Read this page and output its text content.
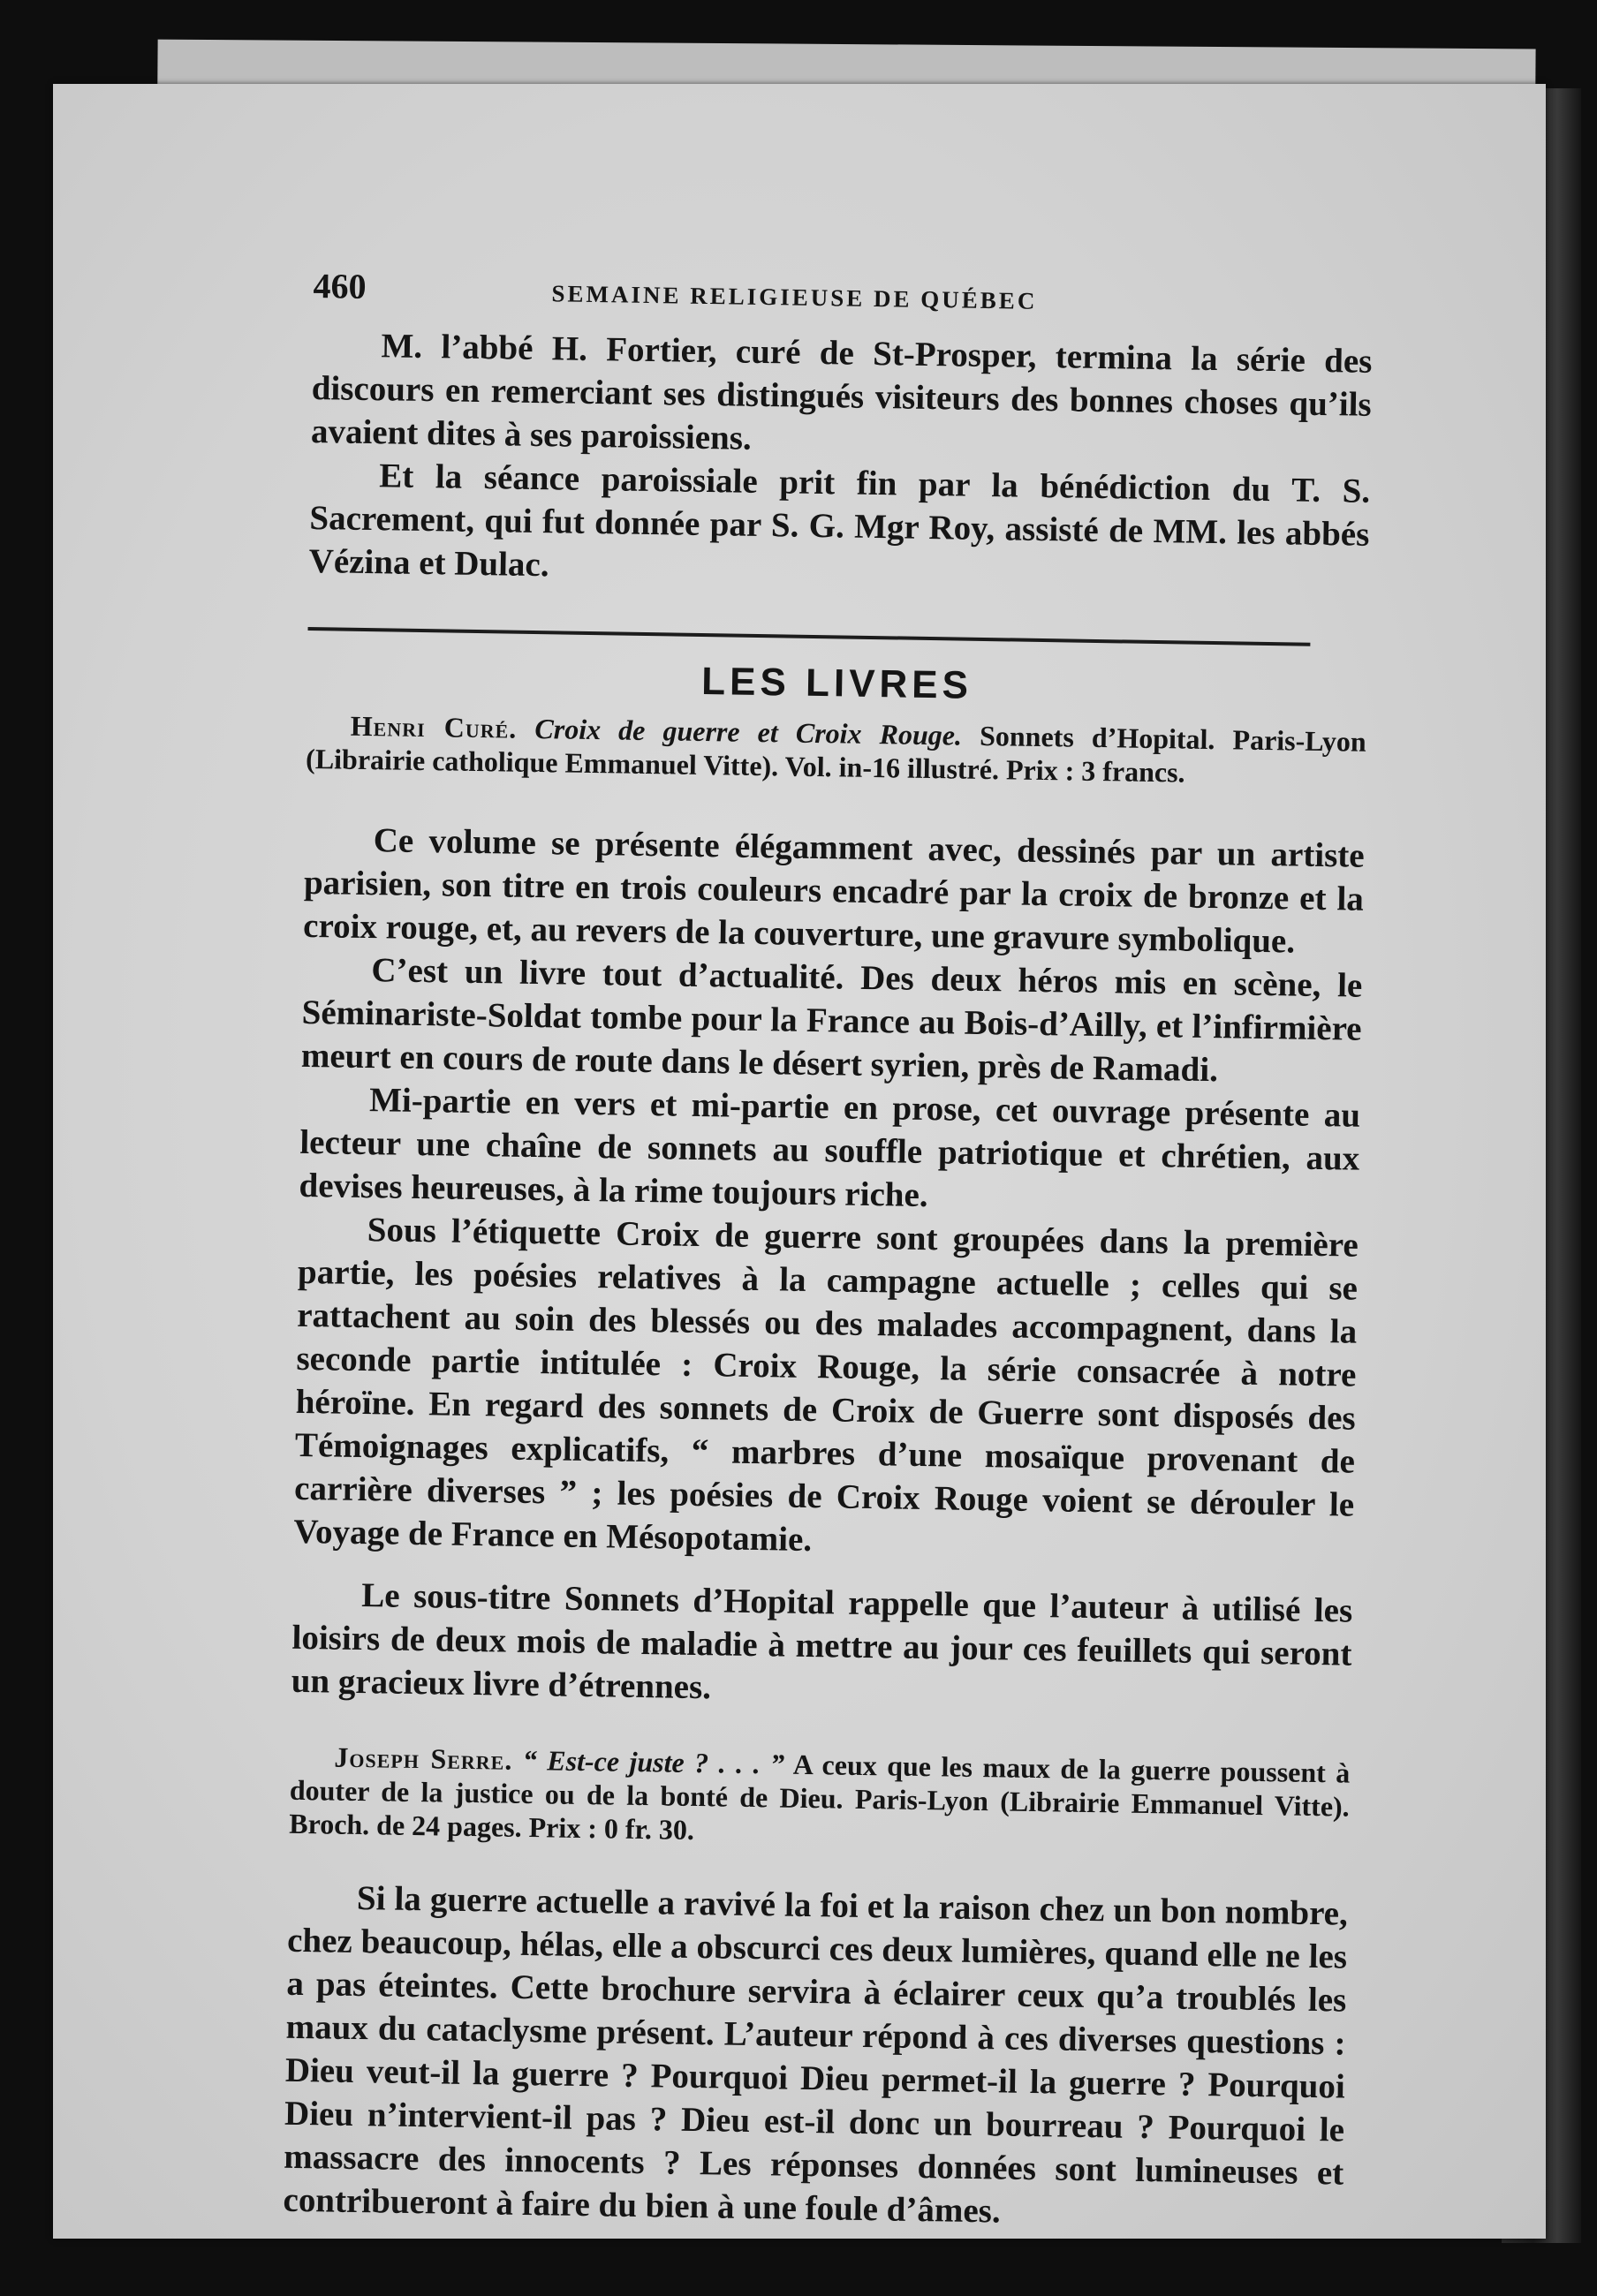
460	SEMAINE RELIGIEUSE DE QUÉBEC

M. l’abbé H. Fortier, curé de St-Prosper, termina la série des discours en remerciant ses distingués visiteurs des bonnes choses qu’ils avaient dites à ses paroissiens.

Et la séance paroissiale prit fin par la bénédiction du T. S. Sacrement, qui fut donnée par S. G. Mgr Roy, assisté de MM. les abbés Vézina et Dulac.

LES LIVRES
Henri Curé. Croix de guerre et Croix Rouge. Sonnets d’Hopital. Paris-Lyon (Librairie catholique Emmanuel Vitte). Vol. in-16 illustré. Prix : 3 francs.

Ce volume se présente élégamment avec, dessinés par un artiste parisien, son titre en trois couleurs encadré par la croix de bronze et la croix rouge, et, au revers de la couverture, une gravure symbolique.

C’est un livre tout d’actualité. Des deux héros mis en scène, le Séminariste-Soldat tombe pour la France au Bois-d’Ailly, et l’infirmière meurt en cours de route dans le désert syrien, près de Ramadi.

Mi-partie en vers et mi-partie en prose, cet ouvrage présente au lecteur une chaîne de sonnets au souffle patriotique et chrétien, aux devises heureuses, à la rime toujours riche.

Sous l’étiquette Croix de guerre sont groupées dans la première partie, les poésies relatives à la campagne actuelle ; celles qui se rattachent au soin des blessés ou des malades accompagnent, dans la seconde partie intitulée : Croix Rouge, la série consacrée à notre héroïne. En regard des sonnets de Croix de Guerre sont disposés des Témoignages explicatifs, “ marbres d’une mosaïque provenant de carrière diverses ” ; les poésies de Croix Rouge voient se dérouler le Voyage de France en Mésopotamie.

Le sous-titre Sonnets d’Hopital rappelle que l’auteur à utilisé les loisirs de deux mois de maladie à mettre au jour ces feuillets qui seront un gracieux livre d’étrennes.

Joseph Serre. “ Est-ce juste ? . . . ” A ceux que les maux de la guerre poussent à douter de la justice ou de la bonté de Dieu. Paris-Lyon (Librairie Emmanuel Vitte). Broch. de 24 pages. Prix : 0 fr. 30.

Si la guerre actuelle a ravivé la foi et la raison chez un bon nombre, chez beaucoup, hélas, elle a obscurci ces deux lumières, quand elle ne les a pas éteintes. Cette brochure servira à éclairer ceux qu’a troublés les maux du cataclysme présent. L’auteur répond à ces diverses questions : Dieu veut-il la guerre ? Pourquoi Dieu permet-il la guerre ? Pourquoi Dieu n’intervient-il pas ? Dieu est-il donc un bourreau ? Pourquoi le massacre des innocents ? Les réponses données sont lumineuses et contribueront à faire du bien à une foule d’âmes.
